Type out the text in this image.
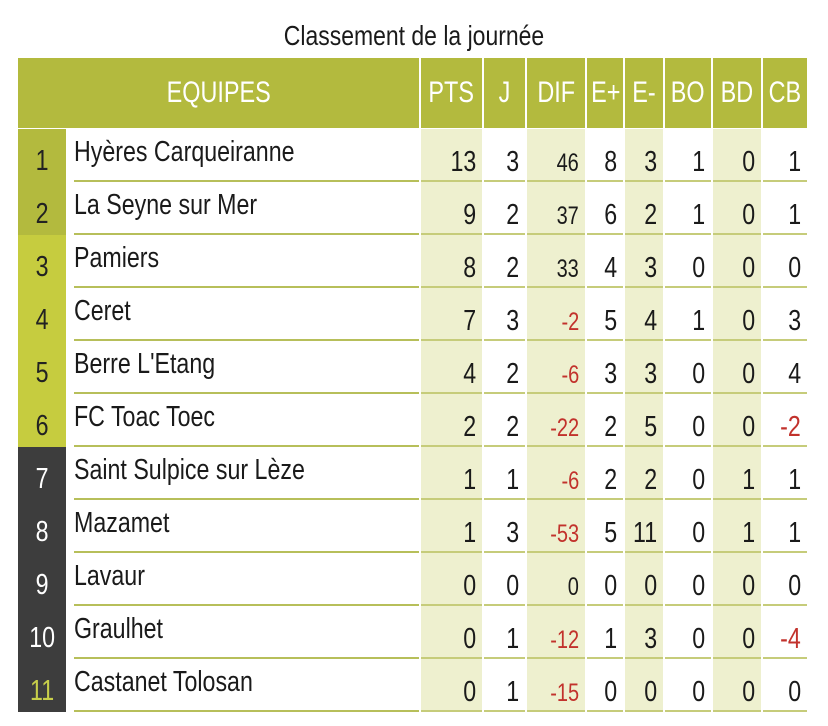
Classement de la journée
EQUIPES	PTS J DIF E+ E- BO BD CB
1 Hyères Carqueiranne	13	3	46 8 3	1	0	1
2 La Seyne sur Mer	9	2	37 6 2	1	0	1
3 Pamiers	8	2	33 4 3	0	0	0
4 Ceret	7	3	-2 5 4	1	0	3
5 Berre L'Etang	4	2	-6 3 3	0	0	4
6 FC Toac Toec	2	2	-22 2 5	0	0 -2
7 Saint Sulpice sur Lèze	1	1	-6 2 2	0	1	1
8 Mazamet	1	3	-53 5 11	0	1	1
9 Lavaur	0	0	0 0 0	0	0	0
10 Graulhet	0	1	-12 1 3	0	0 -4
11 Castanet Tolosan	0	1	-15 0 0	0	0	0
